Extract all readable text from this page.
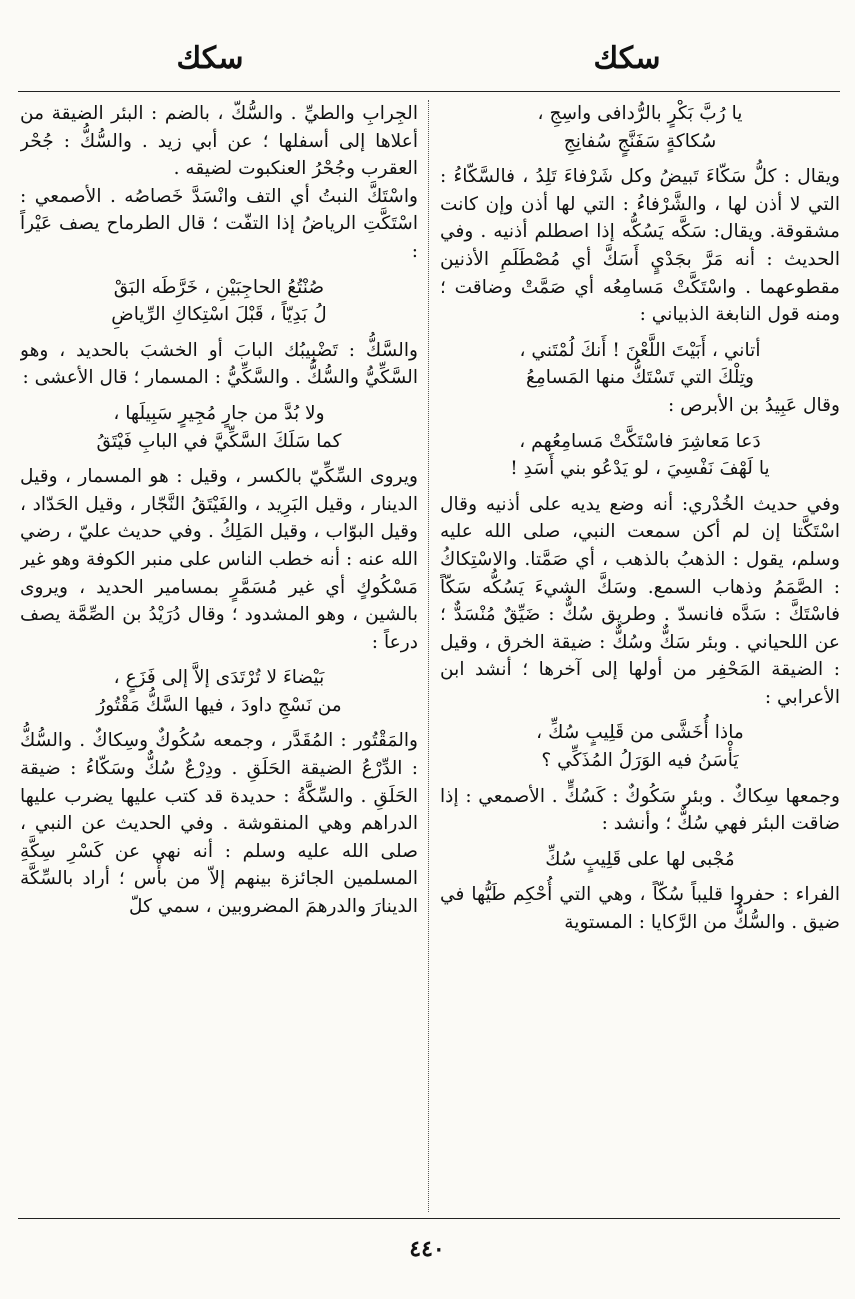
سكك
سكك

يا رُبَّ بَكْرٍ بالرُّدافى واسِجِ ،

سُكاكةٍ سَفَنَّجٍ سُفانِجِ

ويقال : كلُّ سَكّاءَ تَبيضُ وكل شَرْفاءَ تَلِدُ ، فالسَّكّاءُ : التي لا أذن لها ، والشَّرْفاءُ : التي لها أذن وإن كانت مشقوقة. ويقال: سَكَّه يَسُكُّه إذا اصطلم أذنيه . وفي الحديث : أنه مَرَّ بجَدْيٍ أَسَكَّ أي مُصْطَلَمِ الأذنين مقطوعهما . واسْتَكَّتْ مَسامِعُه أي صَمَّتْ وضاقت ؛ ومنه قول النابغة الذبياني :

أتاني ، أَبَيْتَ اللَّعْنَ ! أَنكَ لُمْتَني ،

وتِلْكَ التي تَسْتَكُّ منها المَسامِعُ

وقال عَبِيدُ بن الأبرص :

دَعا مَعاشِرَ فاسْتَكَّتْ مَسامِعُهم ،

يا لَهْفَ نَفْسِيَ ، لو يَدْعُو بني أَسَدِ !

وفي حديث الخُدْري: أنه وضع يديه على أذنيه وقال اسْتَكَّتا إن لم أكن سمعت النبي، صلى الله عليه وسلم، يقول : الذهبُ بالذهب ، أي صَمَّتا. والاسْتِكاكُ : الصَّمَمُ وذهاب السمع. وسَكَّ الشيءَ يَسُكُّه سَكّاً فاسْتَكَّ : سَدَّه فانسدّ . وطريق سُكٌّ : ضَيِّقٌ مُنْسَدٌّ ؛ عن اللحياني . وبئر سَكٌّ وسُكٌّ : ضيقة الخرق ، وقيل : الضيقة المَحْفِر من أولها إلى آخرها ؛ أنشد ابن الأعرابي :

ماذا أُخَشَّى من قَلِيبٍ سُكِّ ،

يَأْسَنُ فيه الوَرَلُ المُذَكِّي ؟

وجمعها سِكاكٌ . وبئر سَكُوكٌ : كَسُكٍّ . الأصمعي : إذا ضاقت البئر فهي سُكٌّ ؛ وأنشد :

مُجْبى لها على قَلِيبٍ سُكِّ

الفراء : حفروا قليباً سُكّاً ، وهي التي أُحْكِم طَيُّها في ضيق . والسُّكُّ من الرَّكايا : المستوية

الجِرابِ والطيِّ . والسُّكُّ ، بالضم : البئر الضيقة من أعلاها إلى أسفلها ؛ عن أبي زيد . والسُّكُّ : جُحْر العقرب وجُحْرُ العنكبوت لضيقه .

واسْتَكَّ النبتُ أي التف وانْسَدَّ خَصاصُه . الأصمعي : اسْتَكَّتِ الرياضُ إذا التفّت ؛ قال الطرماح يصف عَيْراً :

صُنْتُعُ الحاجِبَيْنِ ، خَرَّطَه البَقْ

لُ بَدِيّاً ، قَبْلَ اسْتِكاكِ الرِّياضِ

والسَّكُّ : تَضْبِيبُك البابَ أو الخشبَ بالحديد ، وهو السَّكِّيُّ والسُّكُّ . والسَّكِّيُّ : المسمار ؛ قال الأعشى :

ولا بُدَّ من جارٍ مُجِيرٍ سَبِيلَها ،

كما سَلَكَ السَّكِّيَّ في البابِ فَيْتَقُ

ويروى السِّكِّيّ بالكسر ، وقيل : هو المسمار ، وقيل الدينار ، وقيل البَرِيد ، والفَيْتَقُ النَّجّار ، وقيل الحَدّاد ، وقيل البوّاب ، وقيل المَلِكُ . وفي حديث عليّ ، رضي الله عنه : أنه خطب الناس على منبر الكوفة وهو غير مَسْكُوكٍ أي غير مُسَمَّرٍ بمسامير الحديد ، ويروى بالشين ، وهو المشدود ؛ وقال دُرَيْدُ بن الصِّمَّة يصف درعاً :

بَيْضاءَ لا تُرْتَدَى إلاَّ إلى فَزَعٍ ،

من نَسْجِ داودَ ، فيها السَّكُّ مَقْتُورُ

والمَقْتُور : المُقَدَّر ، وجمعه سُكُوكٌ وسِكاكٌ . والسُّكُّ : الدِّرْعُ الضيقة الحَلَقِ . ودِرْعٌ سُكٌّ وسَكّاءُ : ضيقة الحَلَقِ . والسِّكَّةُ : حديدة قد كتب عليها يضرب عليها الدراهم وهي المنقوشة . وفي الحديث عن النبي ، صلى الله عليه وسلم : أنه نهى عن كَسْرِ سِكَّةِ المسلمين الجائزة بينهم إلاّ من بأْس ؛ أراد بالسِّكَّة الدينارَ والدرهمَ المضروبين ، سمي كلّ

٤٤٠
